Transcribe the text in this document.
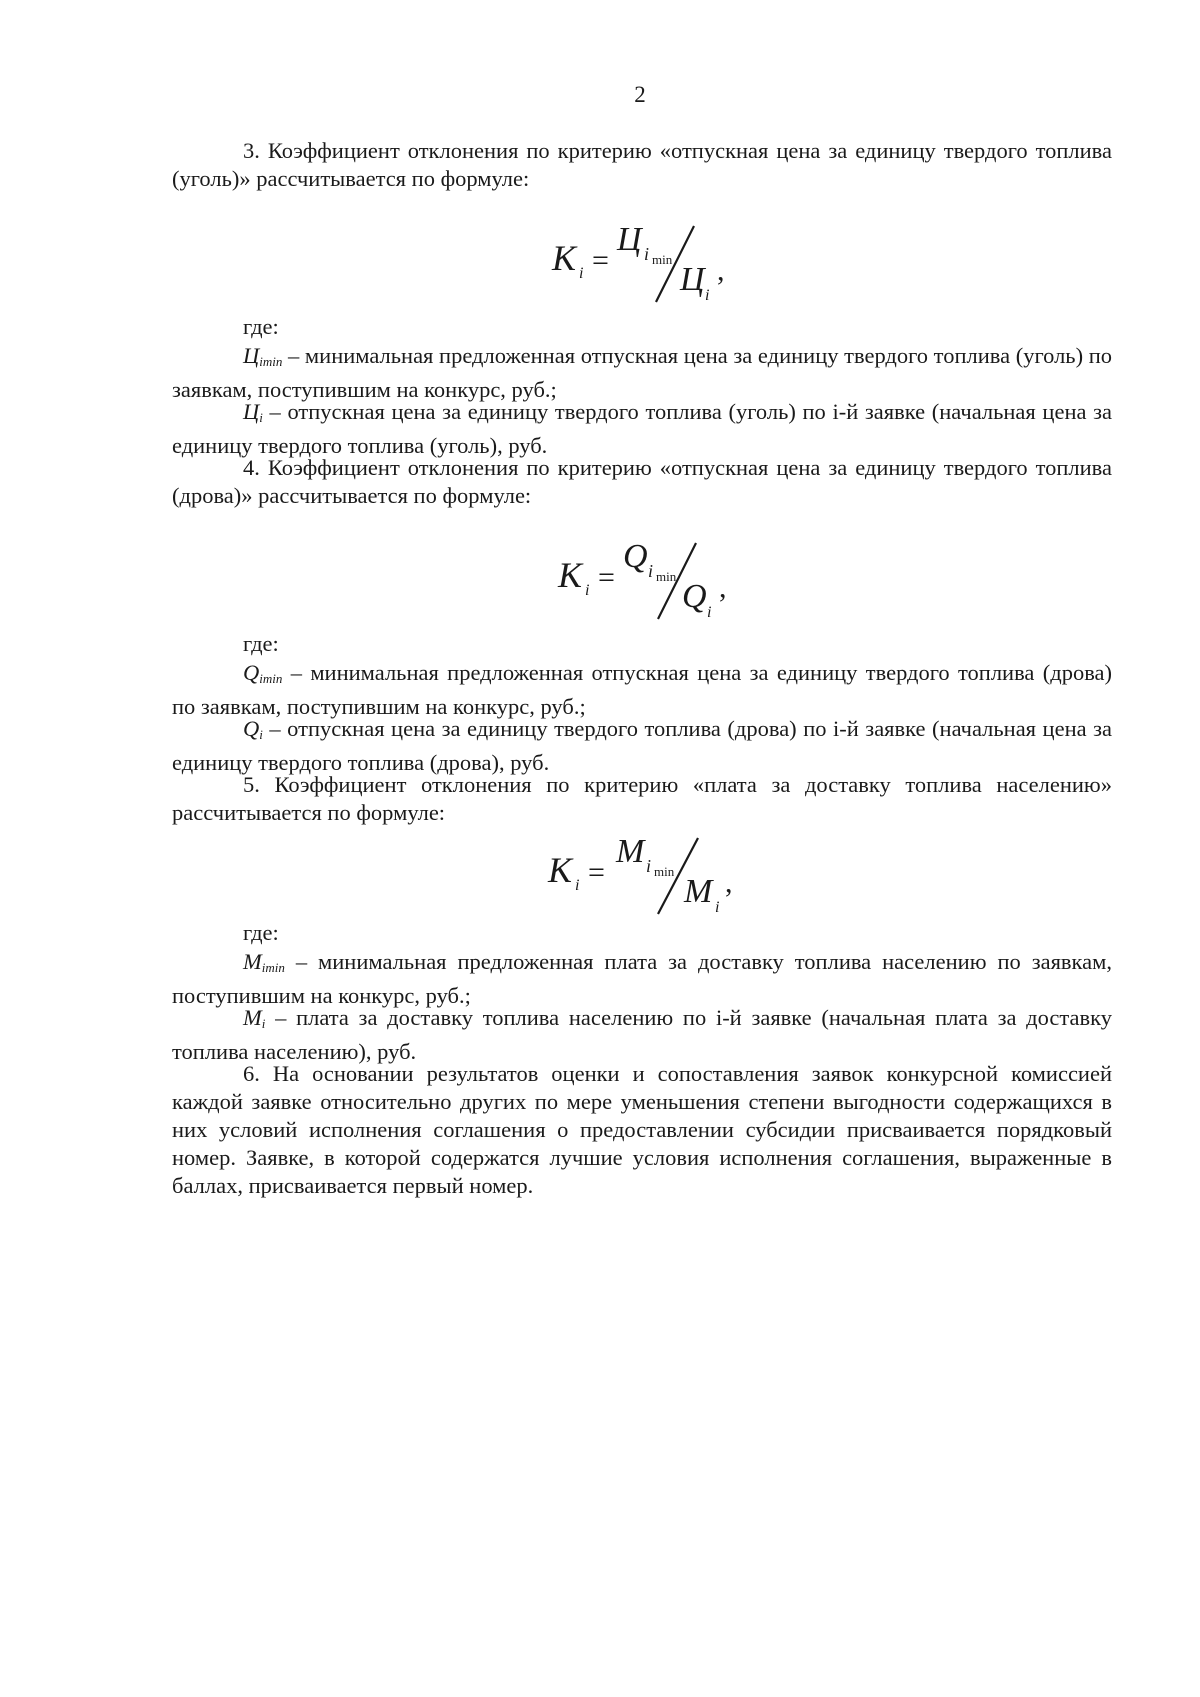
2

3. Коэффициент отклонения по критерию «отпускная цена за единицу твердого топлива (уголь)» рассчитывается по формуле:

К i =
Ц i min
Ц i
,
где:

$Ц_{imin}$ – минимальная предложенная отпускная цена за единицу твердого топлива (уголь) по заявкам, поступившим на конкурс, руб.;

$Ц_i$ – отпускная цена за единицу твердого топлива (уголь) по i-й заявке (начальная цена за единицу твердого топлива (уголь), руб.

4. Коэффициент отклонения по критерию «отпускная цена за единицу твердого топлива (дрова)» рассчитывается по формуле:

К i =
Q i min
Q i
,
где:

$Q_{imin}$ – минимальная предложенная отпускная цена за единицу твердого топлива (дрова) по заявкам, поступившим на конкурс, руб.;

$Q_i$ – отпускная цена за единицу твердого топлива (дрова) по i-й заявке (начальная цена за единицу твердого топлива (дрова), руб.

5. Коэффициент отклонения по критерию «плата за доставку топлива населению» рассчитывается по формуле:

К i =
M i min
M i
,
где:

$M_{imin}$ – минимальная предложенная плата за доставку топлива населению по заявкам, поступившим на конкурс, руб.;

$M_i$ – плата за доставку топлива населению по i-й заявке (начальная плата за доставку топлива населению), руб.

6. На основании результатов оценки и сопоставления заявок конкурсной комиссией каждой заявке относительно других по мере уменьшения степени выгодности содержащихся в них условий исполнения соглашения о предоставлении субсидии присваивается порядковый номер. Заявке, в которой содержатся лучшие условия исполнения соглашения, выраженные в баллах, присваивается первый номер.
